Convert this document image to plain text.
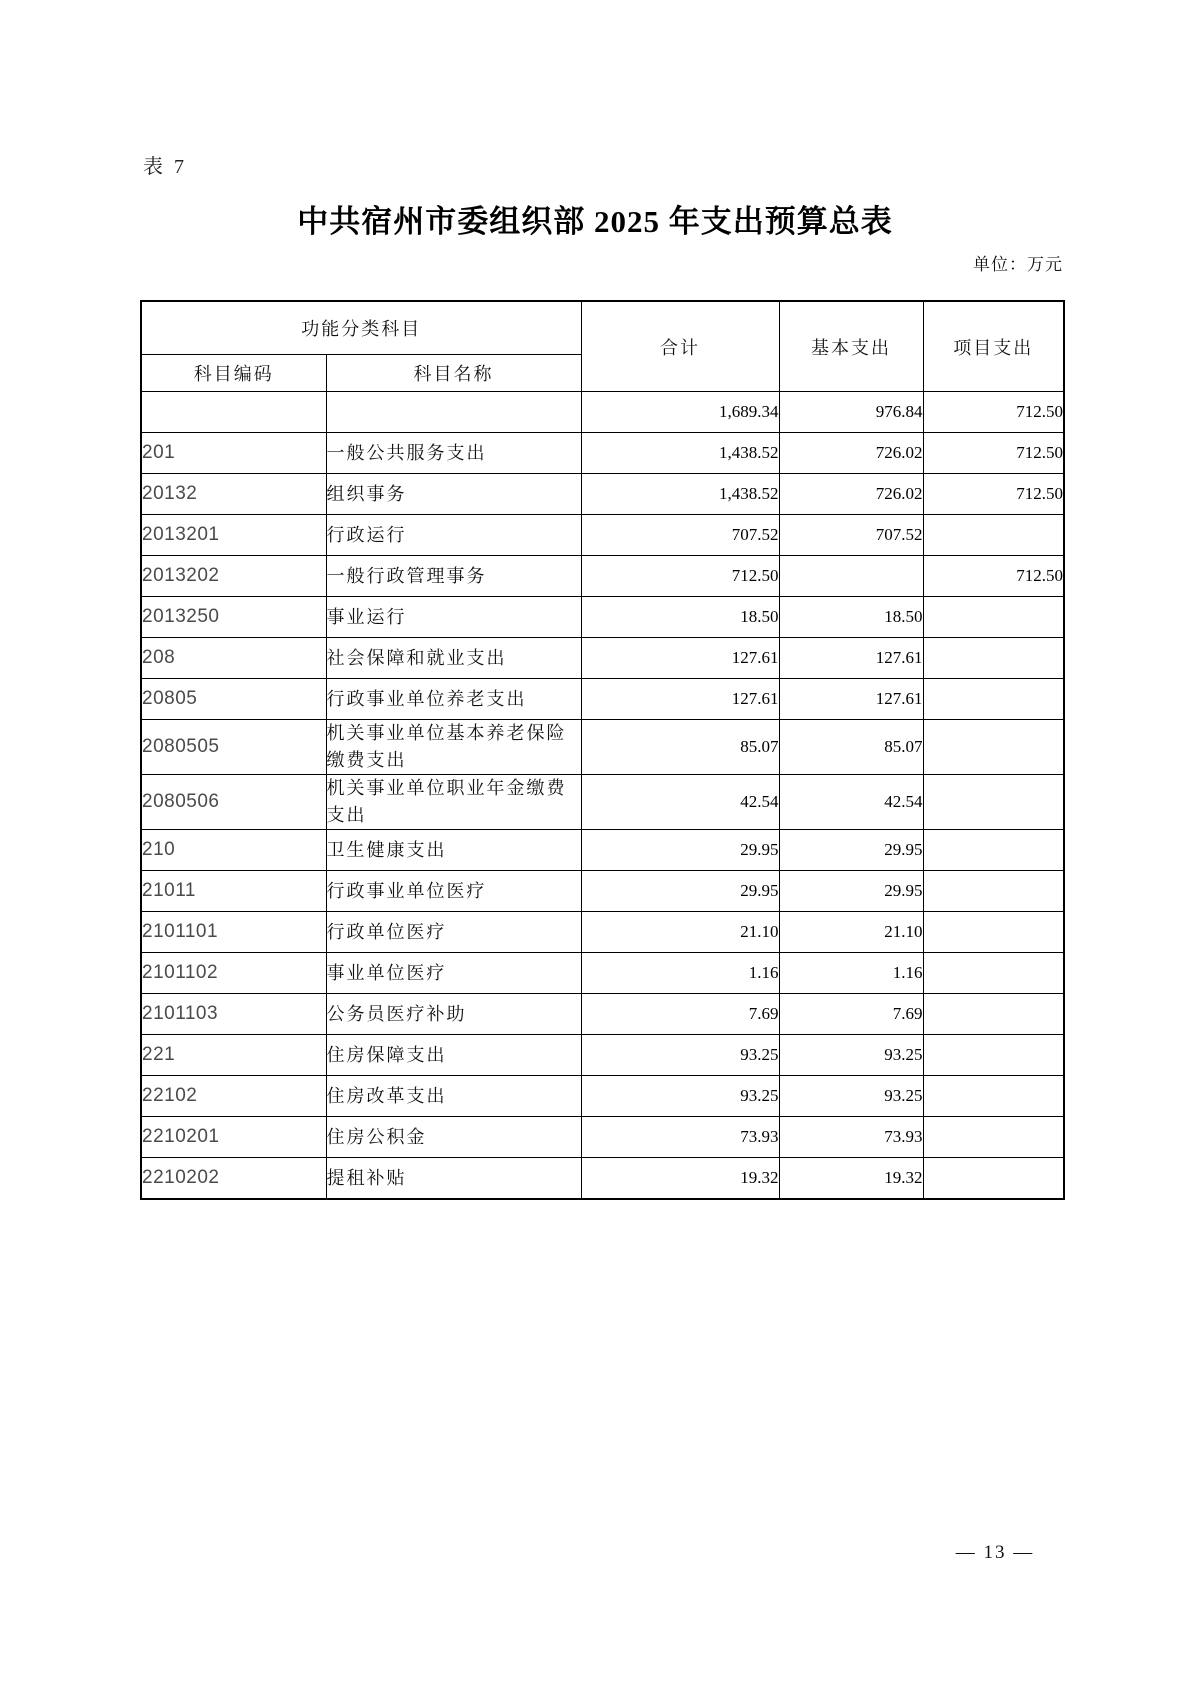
表 7
中共宿州市委组织部 2025 年支出预算总表
单位：万元
功能分类科目		合计	基本支出	项目支出
科目编码	科目名称			
		1,689.34	976.84	712.50
201	一般公共服务支出	1,438.52	726.02	712.50
20132	组织事务	1,438.52	726.02	712.50
2013201	行政运行	707.52	707.52	
2013202	一般行政管理事务	712.50		712.50
2013250	事业运行	18.50	18.50	
208	社会保障和就业支出	127.61	127.61	
20805	行政事业单位养老支出	127.61	127.61	
2080505	机关事业单位基本养老保险缴费支出	85.07	85.07	
2080506	机关事业单位职业年金缴费支出	42.54	42.54	
210	卫生健康支出	29.95	29.95	
21011	行政事业单位医疗	29.95	29.95	
2101101	行政单位医疗	21.10	21.10	
2101102	事业单位医疗	1.16	1.16	
2101103	公务员医疗补助	7.69	7.69	
221	住房保障支出	93.25	93.25	
22102	住房改革支出	93.25	93.25	
2210201	住房公积金	73.93	73.93	
2210202	提租补贴	19.32	19.32	
— 13 —
